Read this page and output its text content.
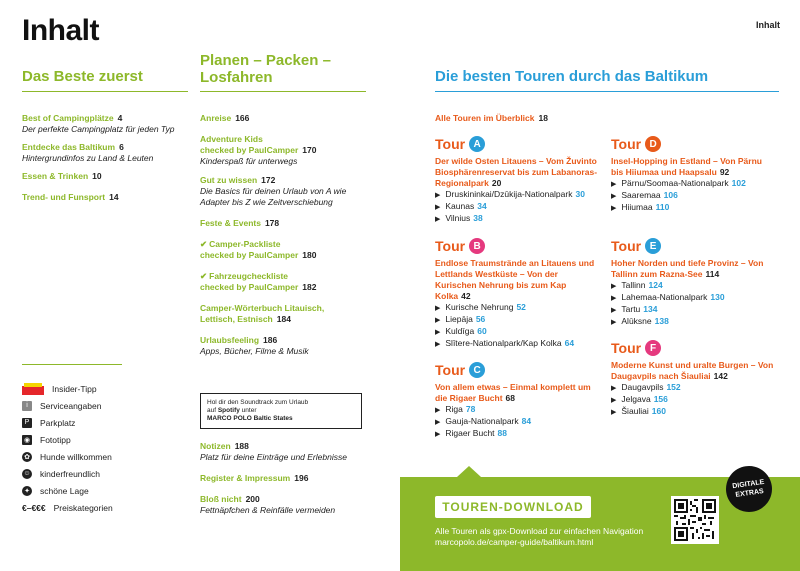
Inhalt	Inhalt
Das Beste zuerst
Best of Campingplätze 4
Der perfekte Campingplatz für jeden Typ
Entdecke das Baltikum 6
Hintergrundinfos zu Land & Leuten
Essen & Trinken 10
Trend- und Funsport 14
Insider-Tipp
i	Serviceangaben
P	Parkplatz
◉ Fototipp
✿ Hunde willkommen
☺ kinderfreundlich
✦ schöne Lage
€–€€€ Preiskategorien
Planen – Packen –
Losfahren
Anreise 166
Adventure Kids
checked by PaulCamper 170
Kinderspaß für unterwegs
Gut zu wissen 172
Die Basics für deinen Urlaub von A wie Adapter bis Z wie Zeitverschiebung
Feste & Events 178
✔ Camper-Packliste
checked by PaulCamper 180
✔ Fahrzeugcheckliste
checked by PaulCamper 182
Camper-Wörterbuch Litauisch, Lettisch, Estnisch 184
Urlaubsfeeling 186
Apps, Bücher, Filme & Musik
Hol dir den Soundtrack zum Urlaub
auf Spotify unter
MARCO POLO Baltic States
Notizen 188
Platz für deine Einträge und Erlebnisse
Register & Impressum 196
Bloß nicht 200
Fettnäpfchen & Reinfälle vermeiden
Die besten Touren durch das Baltikum
Alle Touren im Überblick 18
Tour A
Der wilde Osten Litauens – Vom Žuvinto Biosphärenreservat bis zum Labanoras-Regionalpark 20
▶ Druskininkai/Dzūkija-Nationalpark 30
▶ Kaunas 34
▶ Vilnius 38
Tour B
Endlose Traumstrände an Litauens und Lettlands Westküste – Von der Kurischen Nehrung bis zum Kap Kolka 42
▶ Kurische Nehrung 52
▶ Liepāja 56
▶ Kuldīga 60
▶ Slītere-Nationalpark/Kap Kolka 64
Tour C
Von allem etwas – Einmal komplett um die Rigaer Bucht 68
▶ Riga 78
▶ Gauja-Nationalpark 84
▶ Rigaer Bucht 88
Tour D
Insel-Hopping in Estland – Von Pärnu bis Hiiumaa und Haapsalu 92
▶ Pärnu/Soomaa-Nationalpark 102
▶ Saaremaa 106
▶ Hiiumaa 110
Tour E
Hoher Norden und tiefe Provinz – Von Tallinn zum Razna-See 114
▶ Tallinn 124
▶ Lahemaa-Nationalpark 130
▶ Tartu 134
▶ Alūksne 138
Tour F
Moderne Kunst und uralte Burgen – Von Daugavpils nach Šiauliai 142
▶ Daugavpils 152
▶ Jelgava 156
▶ Šiauliai 160
TOUREN-DOWNLOAD
Alle Touren als gpx-Download zur einfachen Navigation
marcopolo.de/camper-guide/baltikum.html
DIGITALE
EXTRAS
